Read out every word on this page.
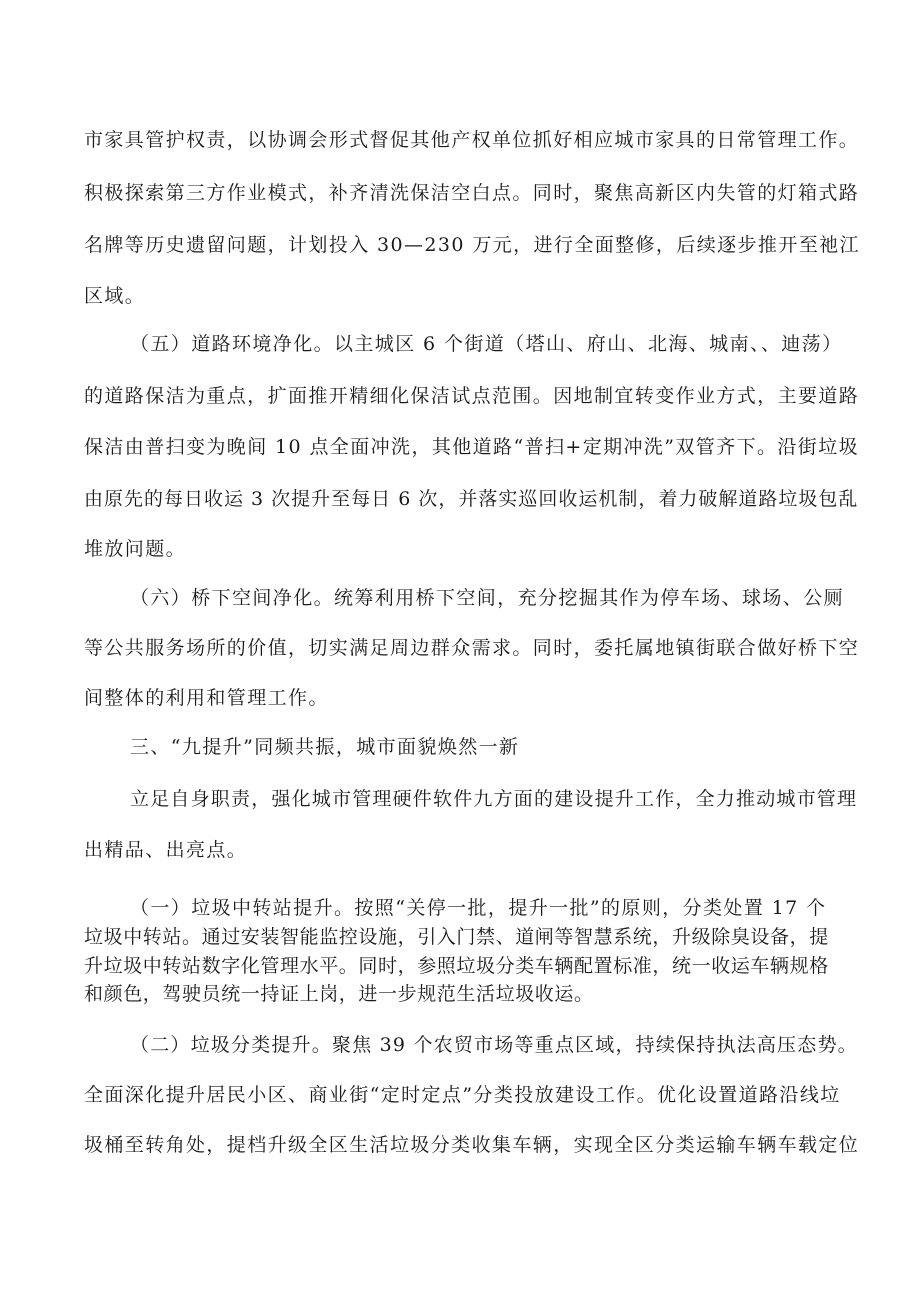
市家具管护权责，以协调会形式督促其他产权单位抓好相应城市家具的日常管理工作。
积极探索第三方作业模式，补齐清洗保洁空白点。同时，聚焦高新区内失管的灯箱式路
名牌等历史遗留问题，计划投入 30—230 万元，进行全面整修，后续逐步推开至祂江
区域。
（五）道路环境净化。以主城区 6 个街道（塔山、府山、北海、城南、、迪荡）
的道路保洁为重点，扩面推开精细化保洁试点范围。因地制宜转变作业方式，主要道路
保洁由普扫变为晚间 10 点全面冲洗，其他道路“普扫+定期冲洗”双管齐下。沿街垃圾
由原先的每日收运 3 次提升至每日 6 次，并落实巡回收运机制，着力破解道路垃圾包乱
堆放问题。
（六）桥下空间净化。统筹利用桥下空间，充分挖掘其作为停车场、球场、公厕
等公共服务场所的价值，切实满足周边群众需求。同时，委托属地镇街联合做好桥下空
间整体的利用和管理工作。
三、“九提升”同频共振，城市面貌焕然一新
立足自身职责，强化城市管理硬件软件九方面的建设提升工作，全力推动城市管理
出精品、出亮点。
（一）垃圾中转站提升。按照“关停一批，提升一批”的原则，分类处置 17 个
垃圾中转站。通过安装智能监控设施，引入门禁、道闸等智慧系统，升级除臭设备，提
升垃圾中转站数字化管理水平。同时，参照垃圾分类车辆配置标准，统一收运车辆规格
和颜色，驾驶员统一持证上岗，进一步规范生活垃圾收运。
（二）垃圾分类提升。聚焦 39 个农贸市场等重点区域，持续保持执法高压态势。
全面深化提升居民小区、商业街“定时定点”分类投放建设工作。优化设置道路沿线垃
圾桶至转角处，提档升级全区生活垃圾分类收集车辆，实现全区分类运输车辆车载定位
